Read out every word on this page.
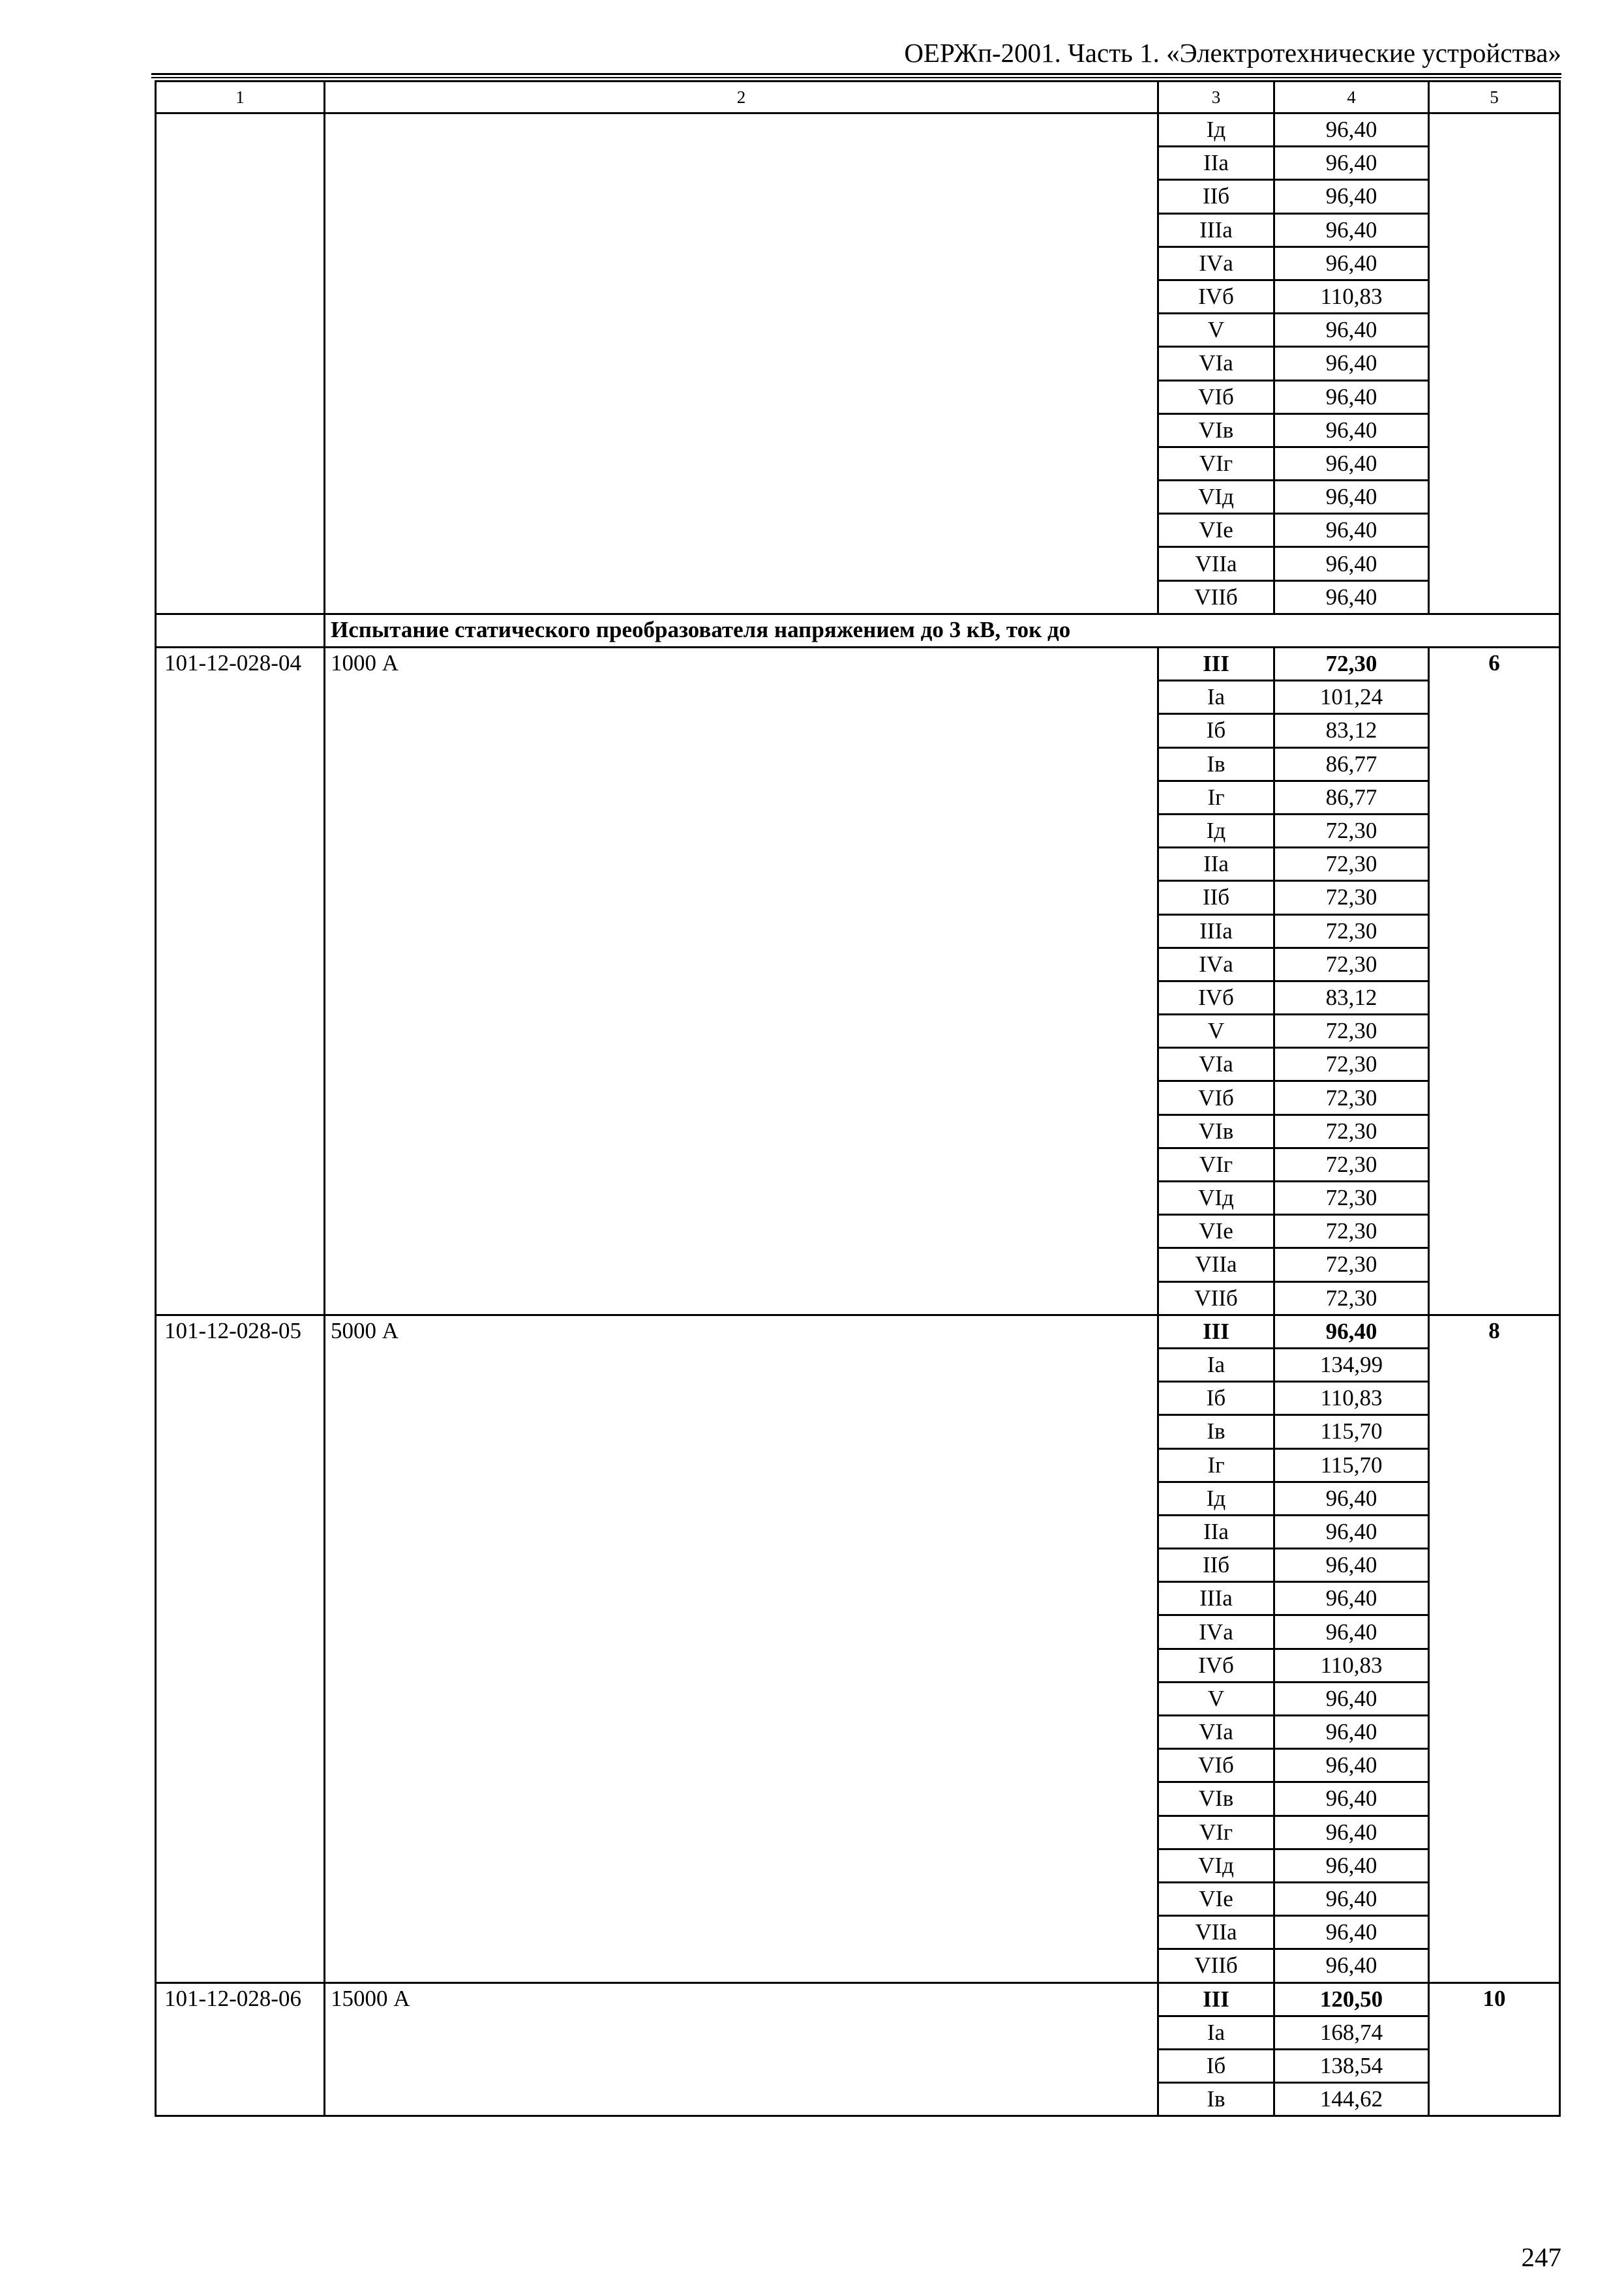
ОЕРЖп-2001. Часть 1. «Электротехнические устройства»
1	2	3	4	5
		Iд	96,40	
		IIа	96,40	
		IIб	96,40	
		IIIа	96,40	
		IVа	96,40	
		IVб	110,83	
		V	96,40	
		VIа	96,40	
		VIб	96,40	
		VIв	96,40	
		VIг	96,40	
		VIд	96,40	
		VIе	96,40	
		VIIа	96,40	
		VIIб	96,40	
	Испытание статического преобразователя напряжением до 3 кВ, ток до			
101-12-028-04	1000 А	III	72,30	6
		Iа	101,24	
		Iб	83,12	
		Iв	86,77	
		Iг	86,77	
		Iд	72,30	
		IIа	72,30	
		IIб	72,30	
		IIIа	72,30	
		IVа	72,30	
		IVб	83,12	
		V	72,30	
		VIа	72,30	
		VIб	72,30	
		VIв	72,30	
		VIг	72,30	
		VIд	72,30	
		VIе	72,30	
		VIIа	72,30	
		VIIб	72,30	
101-12-028-05	5000 А	III	96,40	8
		Iа	134,99	
		Iб	110,83	
		Iв	115,70	
		Iг	115,70	
		Iд	96,40	
		IIа	96,40	
		IIб	96,40	
		IIIа	96,40	
		IVа	96,40	
		IVб	110,83	
		V	96,40	
		VIа	96,40	
		VIб	96,40	
		VIв	96,40	
		VIг	96,40	
		VIд	96,40	
		VIе	96,40	
		VIIа	96,40	
		VIIб	96,40	
101-12-028-06	15000 А	III	120,50	10
		Iа	168,74	
		Iб	138,54	
		Iв	144,62	
247
